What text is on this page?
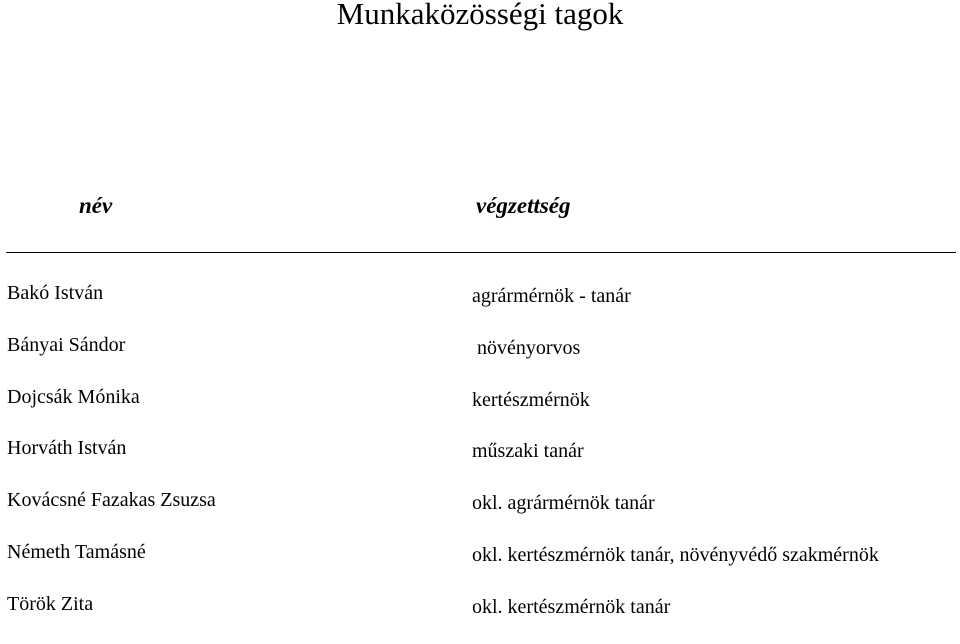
Munkaközösségi tagok
név	végzettség
Bakó István	agrármérnök - tanár
Bányai Sándor	növényorvos
Dojcsák Mónika	kertészmérnök
Horváth István	műszaki tanár
Kovácsné Fazakas Zsuzsa	okl. agrármérnök tanár
Németh Tamásné	okl. kertészmérnök tanár, növényvédő szakmérnök
Török Zita	okl. kertészmérnök tanár
